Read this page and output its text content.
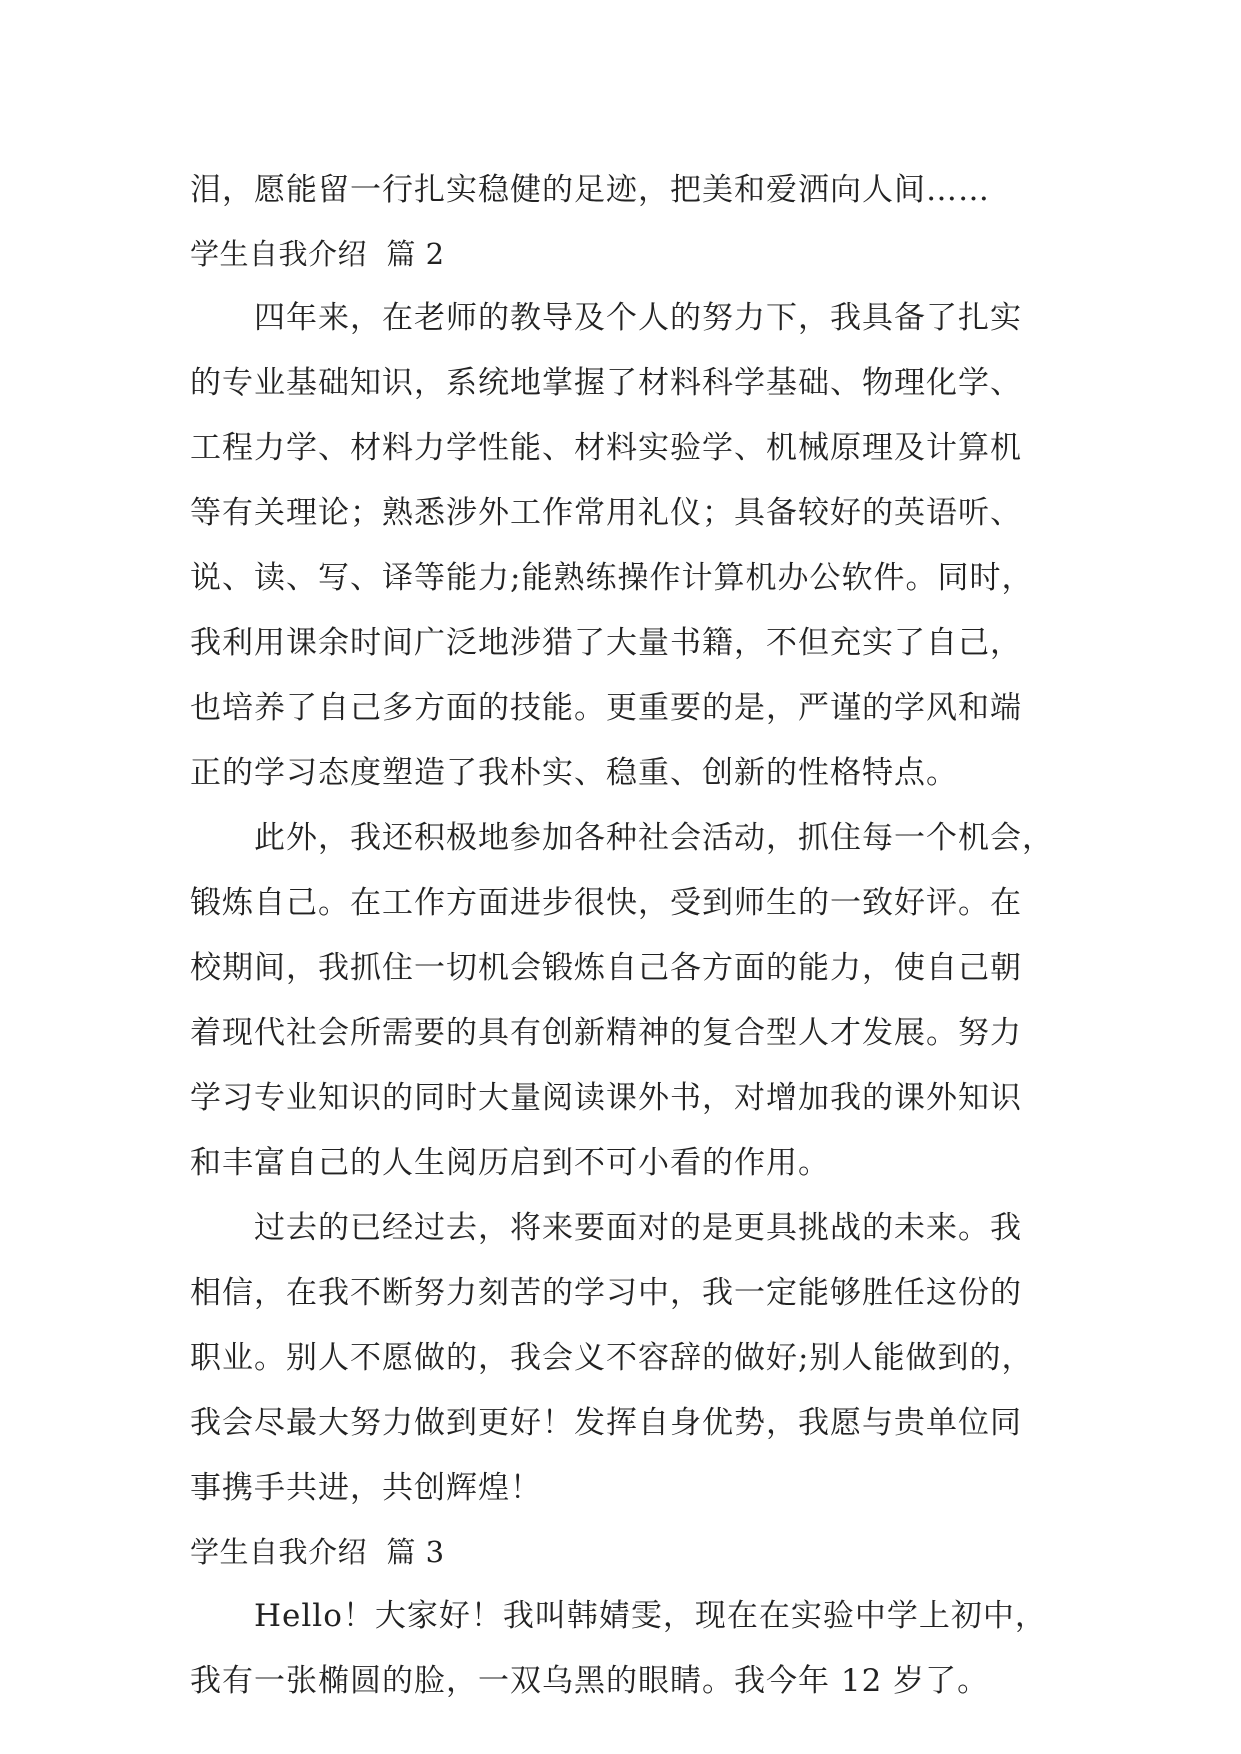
泪，愿能留一行扎实稳健的足迹，把美和爱洒向人间……

学生自我介绍  篇 2

四年来，在老师的教导及个人的努力下，我具备了扎实

的专业基础知识，系统地掌握了材料科学基础、物理化学、

工程力学、材料力学性能、材料实验学、机械原理及计算机

等有关理论；熟悉涉外工作常用礼仪；具备较好的英语听、

说、读、写、译等能力;能熟练操作计算机办公软件。同时，

我利用课余时间广泛地涉猎了大量书籍，不但充实了自己，

也培养了自己多方面的技能。更重要的是，严谨的学风和端

正的学习态度塑造了我朴实、稳重、创新的性格特点。

此外，我还积极地参加各种社会活动，抓住每一个机会，

锻炼自己。在工作方面进步很快，受到师生的一致好评。在

校期间，我抓住一切机会锻炼自己各方面的能力，使自己朝

着现代社会所需要的具有创新精神的复合型人才发展。努力

学习专业知识的同时大量阅读课外书，对增加我的课外知识

和丰富自己的人生阅历启到不可小看的作用。

过去的已经过去，将来要面对的是更具挑战的未来。我

相信，在我不断努力刻苦的学习中，我一定能够胜任这份的

职业。别人不愿做的，我会义不容辞的做好;别人能做到的，

我会尽最大努力做到更好！发挥自身优势，我愿与贵单位同

事携手共进，共创辉煌！

学生自我介绍  篇 3

Hello！大家好！我叫韩婧雯，现在在实验中学上初中，

我有一张椭圆的脸，一双乌黑的眼睛。我今年 12 岁了。
